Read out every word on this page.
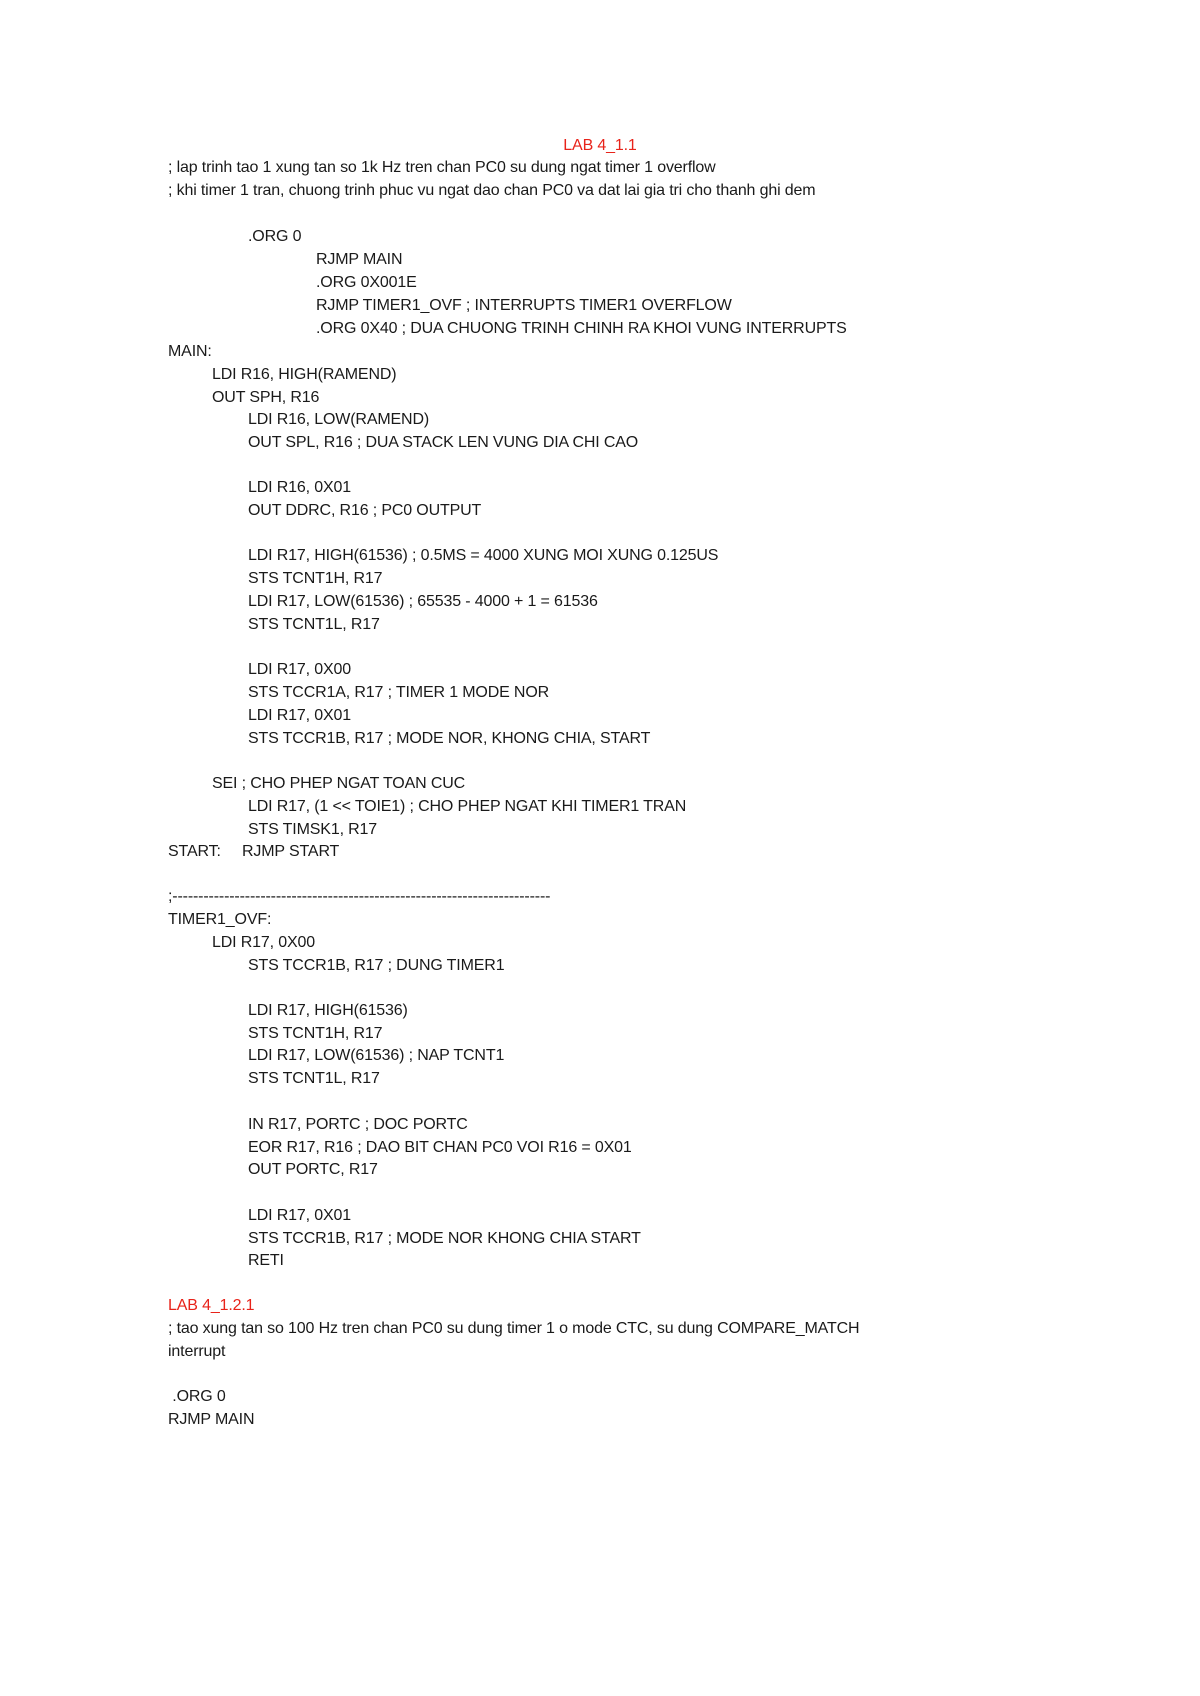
LAB 4_1.1
; lap trinh tao 1 xung tan so 1k Hz tren chan PC0 su dung ngat timer 1 overflow
; khi timer 1 tran, chuong trinh phuc vu ngat dao chan PC0 va dat lai gia tri cho thanh ghi dem
.ORG 0
RJMP MAIN
.ORG 0X001E
RJMP TIMER1_OVF ; INTERRUPTS TIMER1 OVERFLOW
.ORG 0X40 ; DUA CHUONG TRINH CHINH RA KHOI VUNG INTERRUPTS
MAIN:
LDI R16, HIGH(RAMEND)
OUT SPH, R16
LDI R16, LOW(RAMEND)
OUT SPL, R16 ; DUA STACK LEN VUNG DIA CHI CAO
LDI R16, 0X01
OUT DDRC, R16 ; PC0 OUTPUT
LDI R17, HIGH(61536) ; 0.5MS = 4000 XUNG MOI XUNG 0.125US
STS TCNT1H, R17
LDI R17, LOW(61536) ; 65535 - 4000 + 1 = 61536
STS TCNT1L, R17
LDI R17, 0X00
STS TCCR1A, R17 ; TIMER 1 MODE NOR
LDI R17, 0X01
STS TCCR1B, R17 ; MODE NOR, KHONG CHIA, START
SEI ; CHO PHEP NGAT TOAN CUC
LDI R17, (1 << TOIE1) ; CHO PHEP NGAT KHI TIMER1 TRAN
STS TIMSK1, R17
START: RJMP START
;-------------------------------------------------------------------------
TIMER1_OVF:
LDI R17, 0X00
STS TCCR1B, R17 ; DUNG TIMER1
LDI R17, HIGH(61536)
STS TCNT1H, R17
LDI R17, LOW(61536) ; NAP TCNT1
STS TCNT1L, R17
IN R17, PORTC ; DOC PORTC
EOR R17, R16 ; DAO BIT CHAN PC0 VOI R16 = 0X01
OUT PORTC, R17
LDI R17, 0X01
STS TCCR1B, R17 ; MODE NOR KHONG CHIA START
RETI
LAB 4_1.2.1
; tao xung tan so 100 Hz tren chan PC0 su dung timer 1 o mode CTC, su dung COMPARE_MATCH
interrupt
.ORG 0
RJMP MAIN
